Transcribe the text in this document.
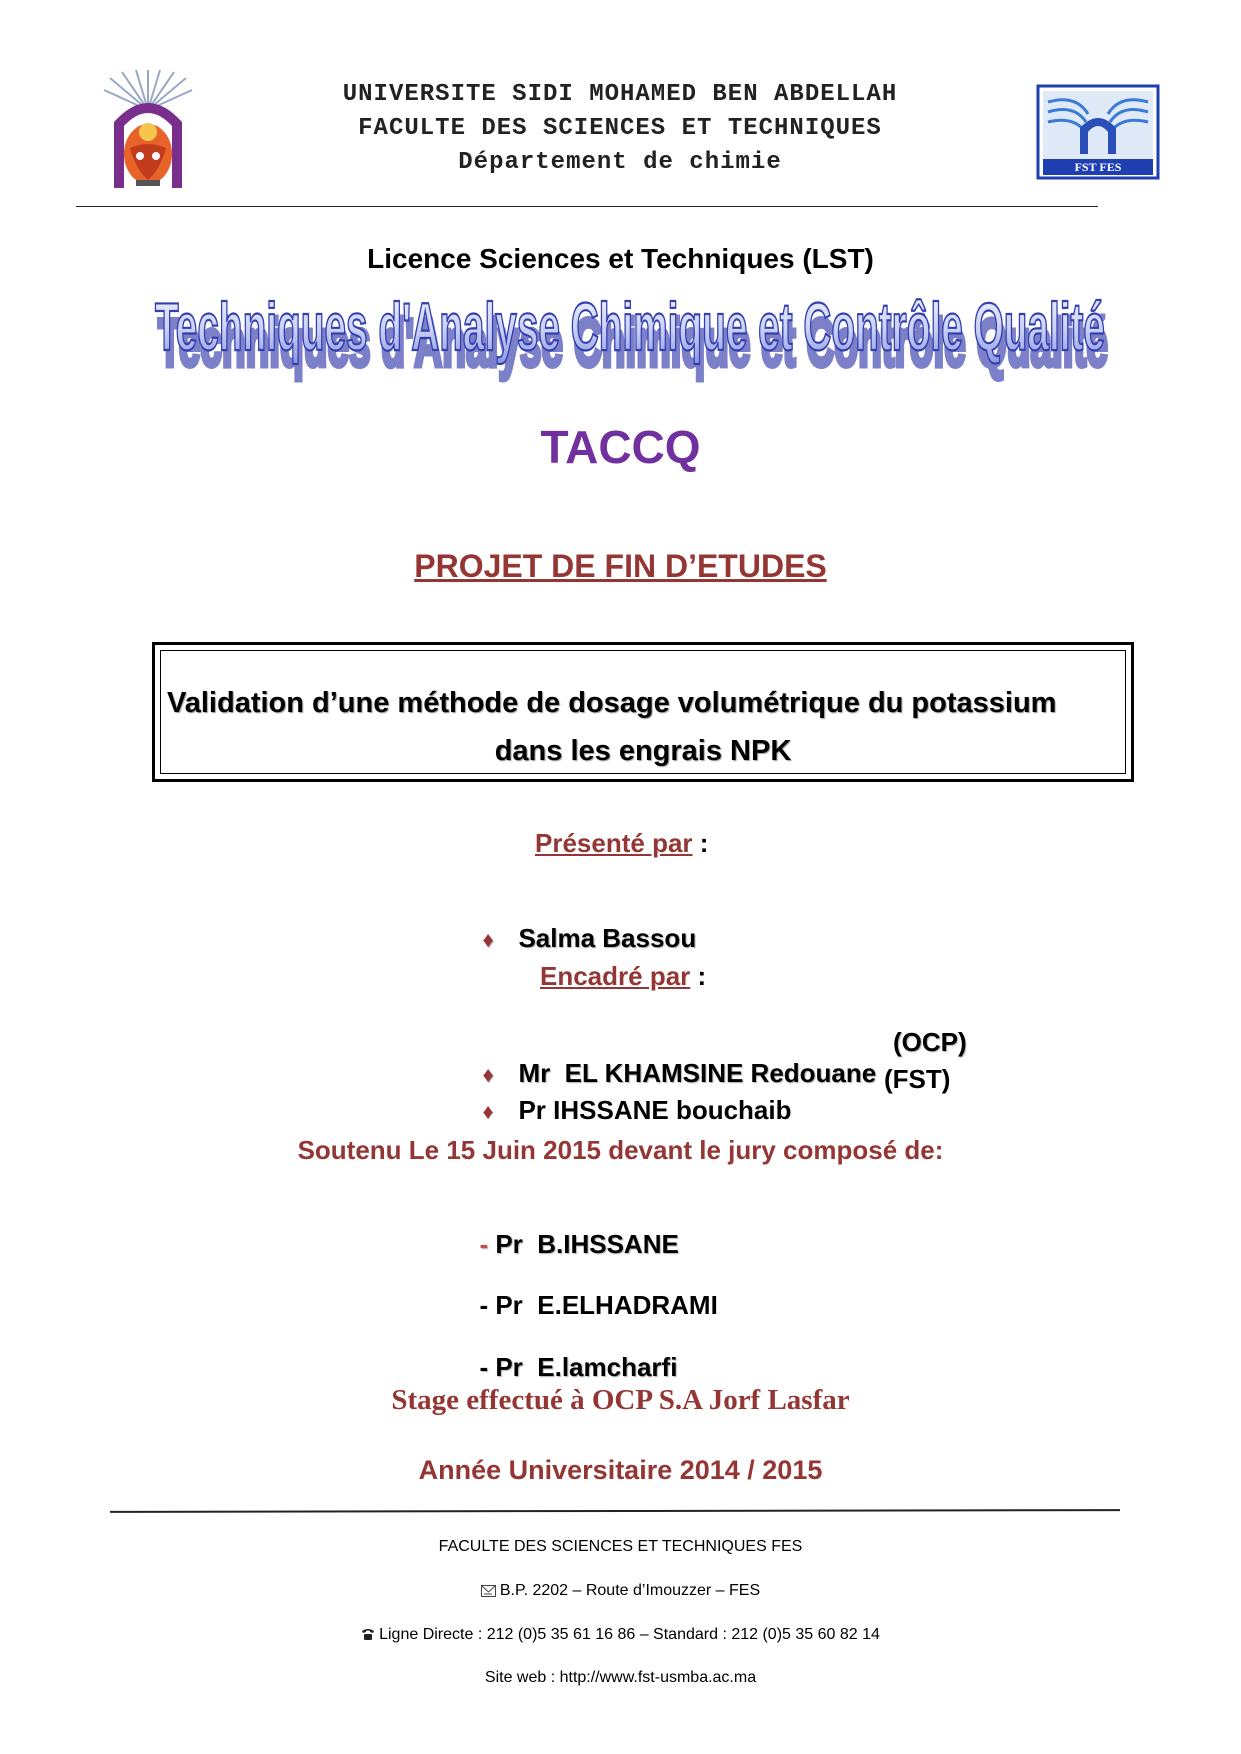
UNIVERSITE SIDI MOHAMED BEN ABDELLAH
FACULTE DES SCIENCES ET TECHNIQUES
Département de chimie	FST FES
Licence Sciences et Techniques (LST)
Techniques d'Analyse Chimique et Contrôle Qualité
Techniques d'Analyse Chimique et Contrôle Qualité
TACCQ
PROJET DE FIN D’ETUDES
Validation d’une méthode de dosage volumétrique du potassium
dans les engrais NPK
Présenté par :

♦ Salma Bassou

Encadré par :

♦ Mr  EL KHAMSINE Redouane

(OCP)

♦ Pr IHSSANE bouchaib

(FST)
Soutenu Le 15 Juin 2015 devant le jury composé de:

- Pr  B.IHSSANE

- Pr  E.ELHADRAMI

- Pr  E.lamcharfi

Stage effectué à OCP S.A Jorf Lasfar
Année Universitaire 2014 / 2015
FACULTE DES SCIENCES ET TECHNIQUES FES
B.P. 2202 – Route d’Imouzzer – FES
Ligne Directe : 212 (0)5 35 61 16 86 – Standard : 212 (0)5 35 60 82 14
Site web : http://www.fst-usmba.ac.ma
